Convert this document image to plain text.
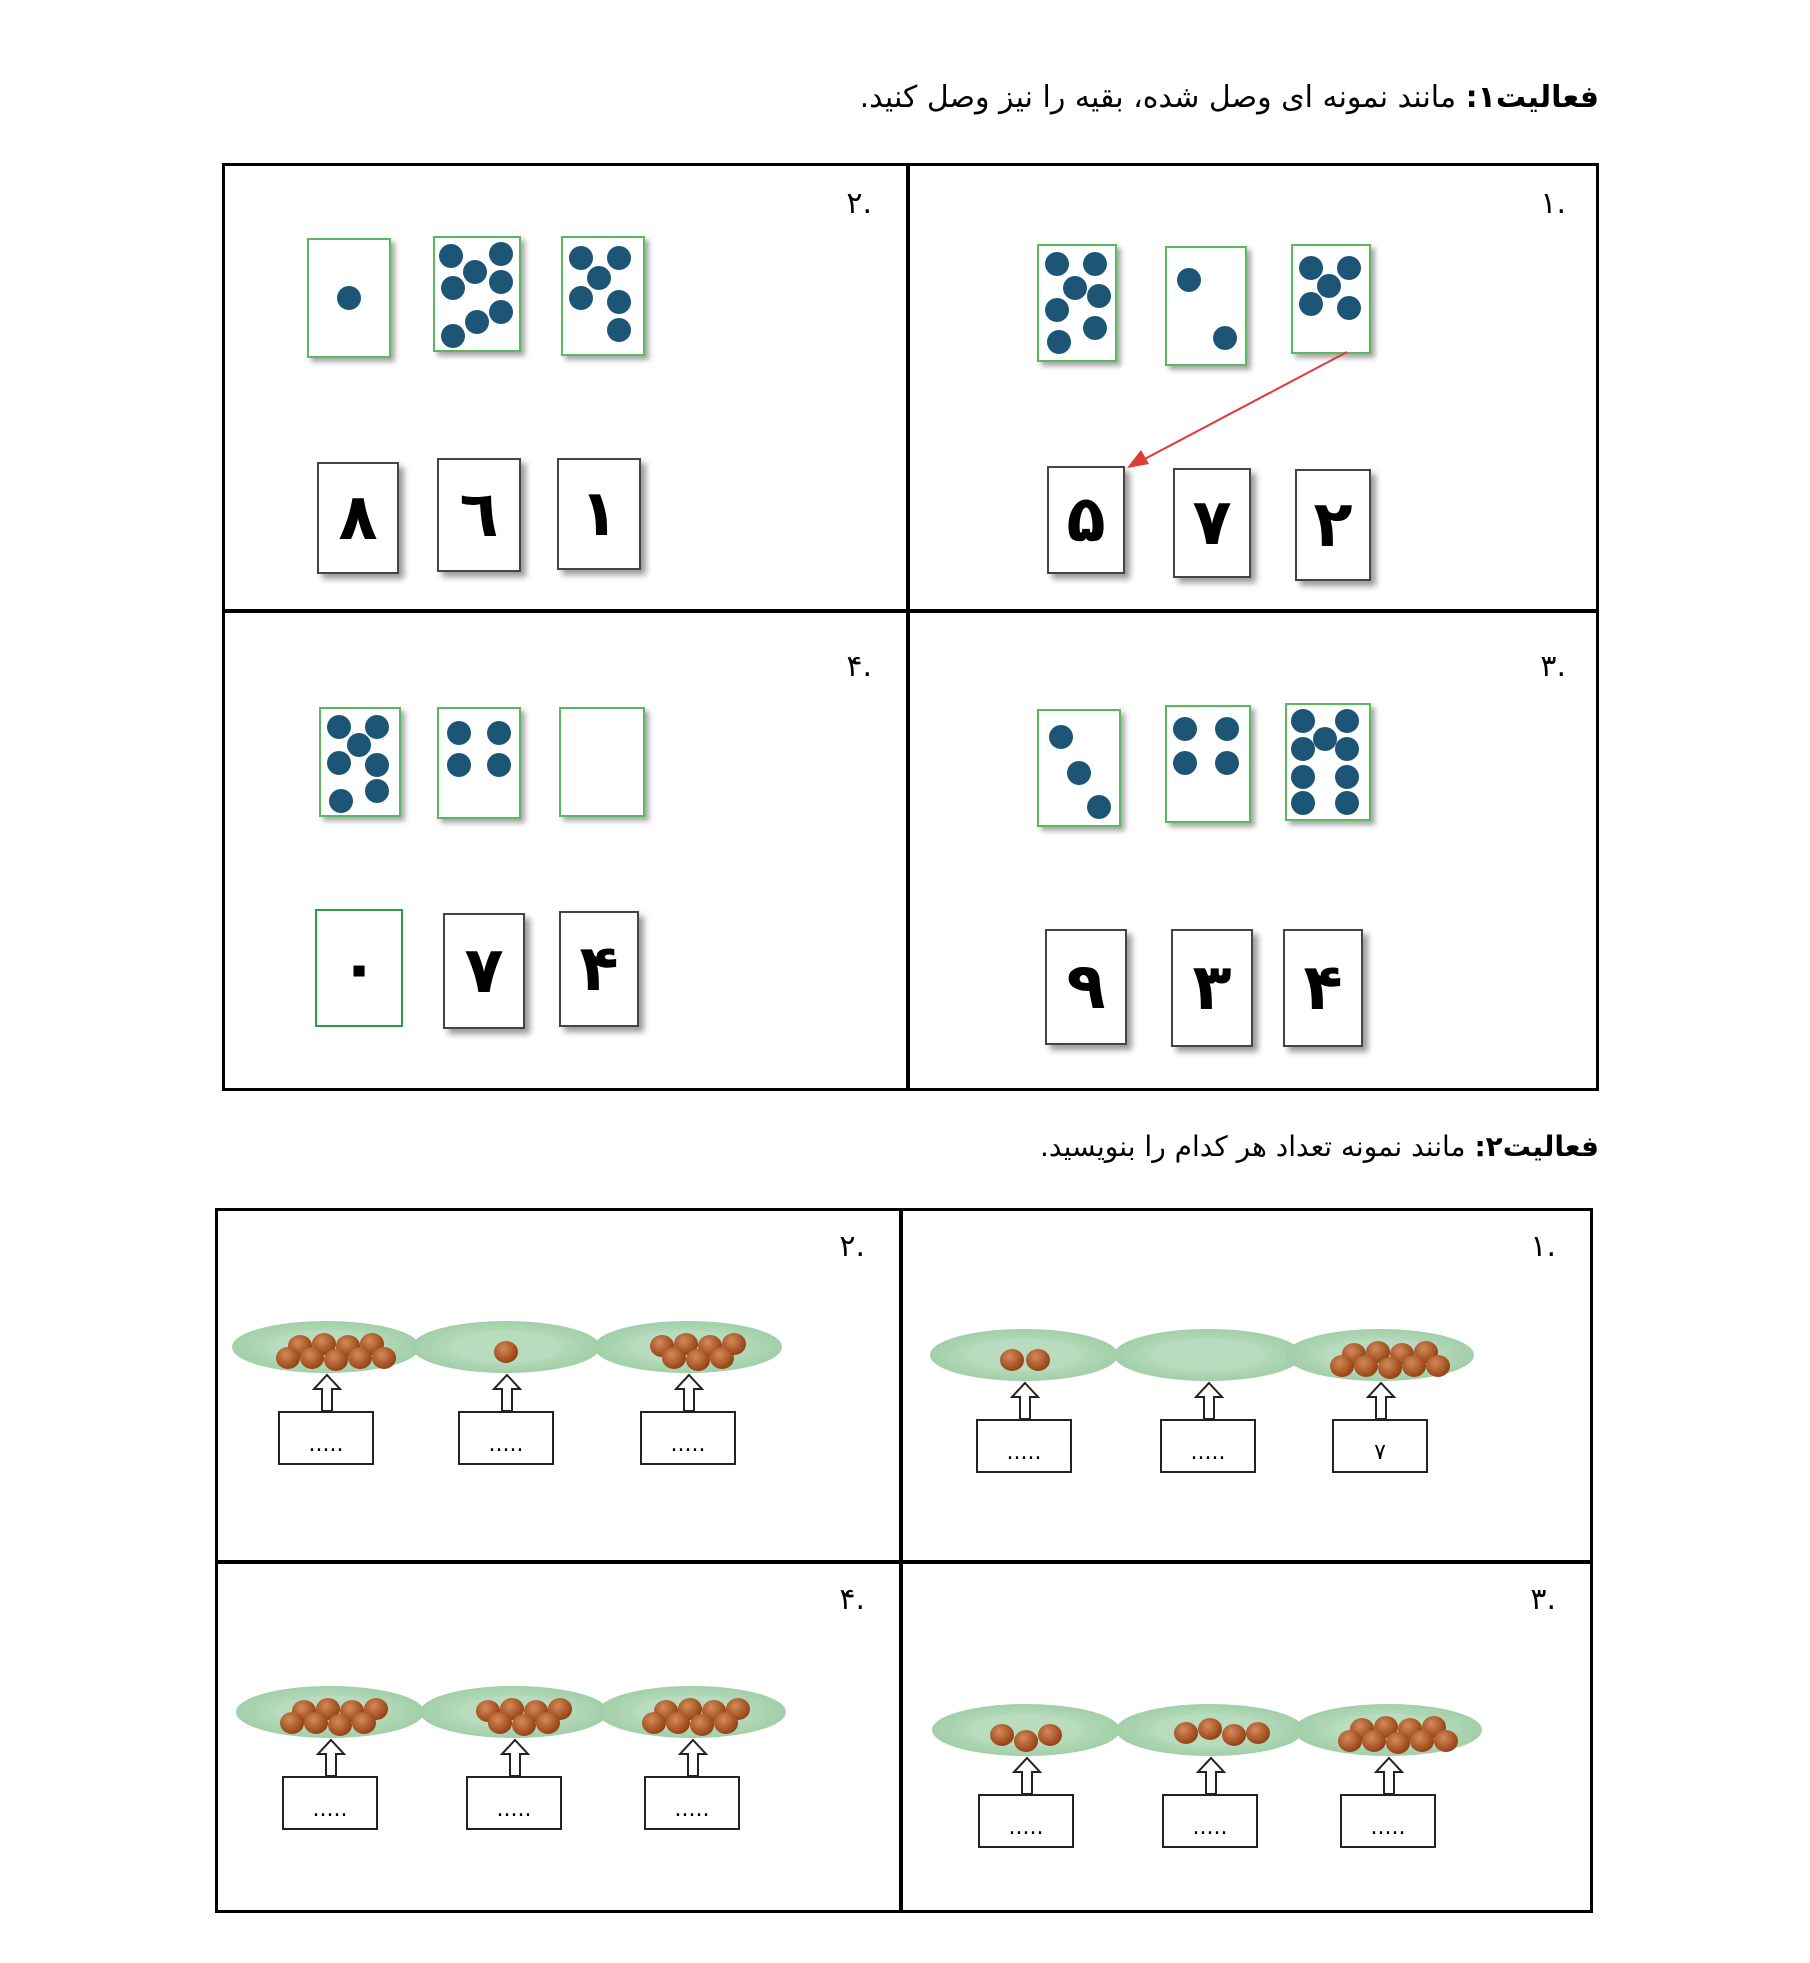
فعالیت۱: مانند نمونه ای وصل شده، بقیه را نیز وصل کنید.
.۱
۵	۷	۲
.۲
۸	٦	۱
.۳
۹	۳	۴
.۴
۰	۷	۴
فعالیت۲: مانند نمونه تعداد هر کدام را بنویسید.
.۱
.....	.....	۷
.۲
.....	.....	.....
.۳
.....	.....	.....
.۴
.....	.....	.....
